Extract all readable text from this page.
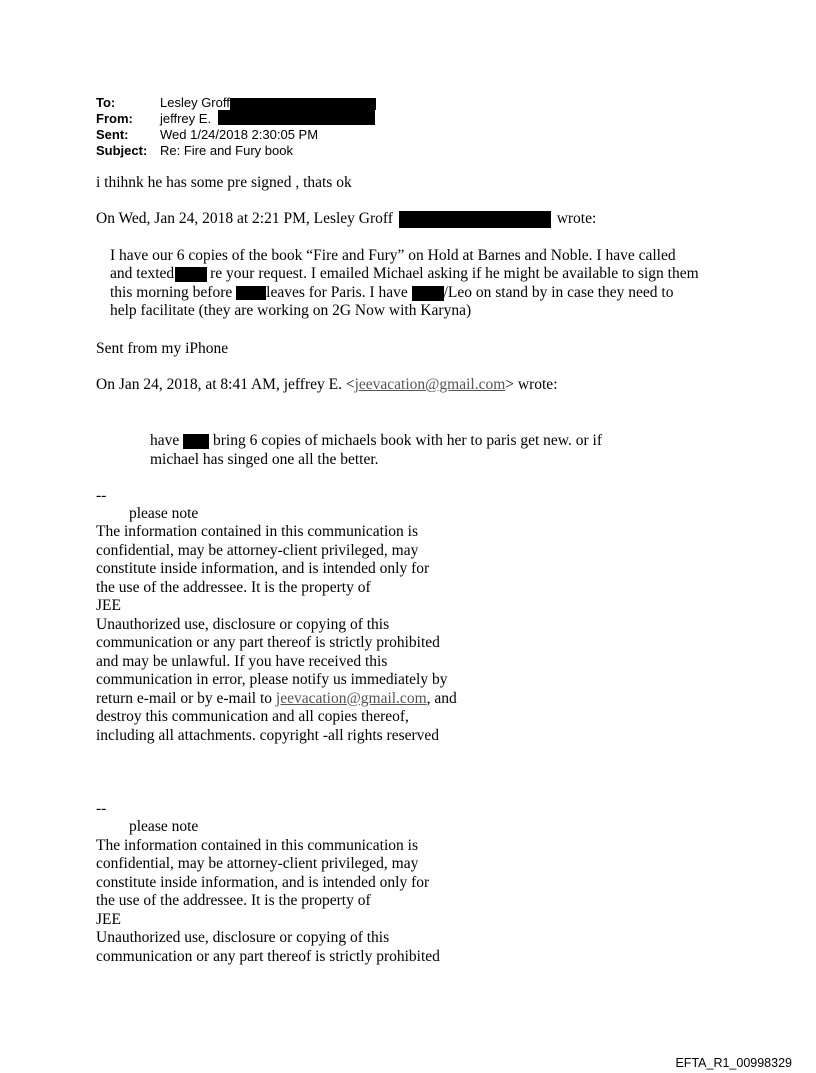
To:	Lesley Groff
From:	jeffrey E.
Sent:	Wed 1/24/2018 2:30:05 PM
Subject: Re: Fire and Fury book
i thihnk he has some pre signed , thats ok
On Wed, Jan 24, 2018 at 2:21 PM, Lesley Groff	wrote:
I have our 6 copies of the book “Fire and Fury” on Hold at Barnes and Noble. I have called
and texted re your request. I emailed Michael asking if he might be available to sign them
this morning before leaves for Paris. I have /Leo on stand by in case they need to
help facilitate (they are working on 2G Now with Karyna)
Sent from my iPhone
On Jan 24, 2018, at 8:41 AM, jeffrey E. <jeevacation@gmail.com> wrote:
have bring 6 copies of michaels book with her to paris get new. or if
michael has singed one all the better.
--
please note
The information contained in this communication is
confidential, may be attorney-client privileged, may
constitute inside information, and is intended only for
the use of the addressee. It is the property of
JEE
Unauthorized use, disclosure or copying of this
communication or any part thereof is strictly prohibited
and may be unlawful. If you have received this
communication in error, please notify us immediately by
return e-mail or by e-mail to jeevacation@gmail.com, and
destroy this communication and all copies thereof,
including all attachments. copyright -all rights reserved
--
please note
The information contained in this communication is
confidential, may be attorney-client privileged, may
constitute inside information, and is intended only for
the use of the addressee. It is the property of
JEE
Unauthorized use, disclosure or copying of this
communication or any part thereof is strictly prohibited
EFTA_R1_00998329
